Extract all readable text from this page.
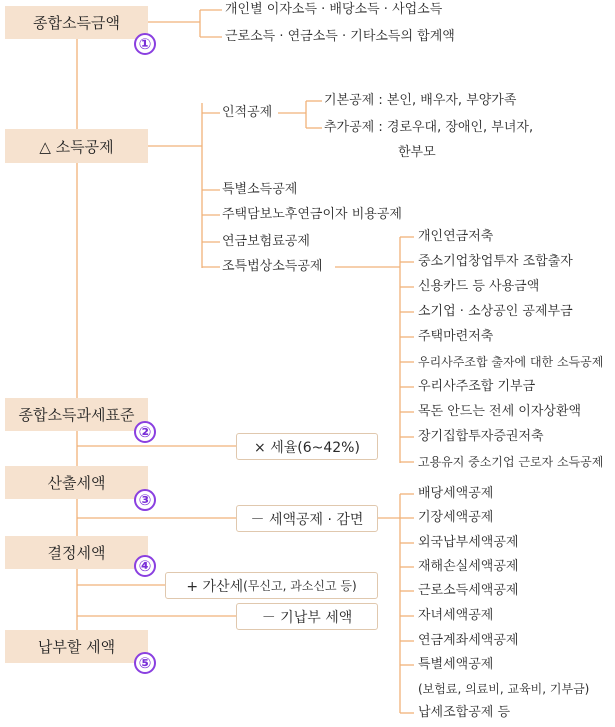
종합소득금액
△ 소득공제
종합소득과세표준
산출세액
결정세액
납부할 세액
①
②
③
④
⑤
개인별 이자소득 · 배당소득 · 사업소득
근로소득 · 연금소득 · 기타소득의 합계액
인적공제
기본공제 : 본인, 배우자, 부양가족
추가공제 : 경로우대, 장애인, 부녀자,
한부모
특별소득공제
주택담보노후연금이자 비용공제
연금보험료공제
조특법상소득공제
개인연금저축
중소기업창업투자 조합출자
신용카드 등 사용금액
소기업 · 소상공인 공제부금
주택마련저축
우리사주조합 출자에 대한 소득공제
우리사주조합 기부금
목돈 안드는 전세 이자상환액
장기집합투자증권저축
고용유지 중소기업 근로자 소득공제
× 세율(6~42%)
－ 세액공제 · 감면
+ 가산세 (무신고, 과소신고 등)
－ 기납부 세액
배당세액공제
기장세액공제
외국납부세액공제
재해손실세액공제
근로소득세액공제
자녀세액공제
연금계좌세액공제
특별세액공제
(보험료, 의료비, 교육비, 기부금)
납세조합공제 등
